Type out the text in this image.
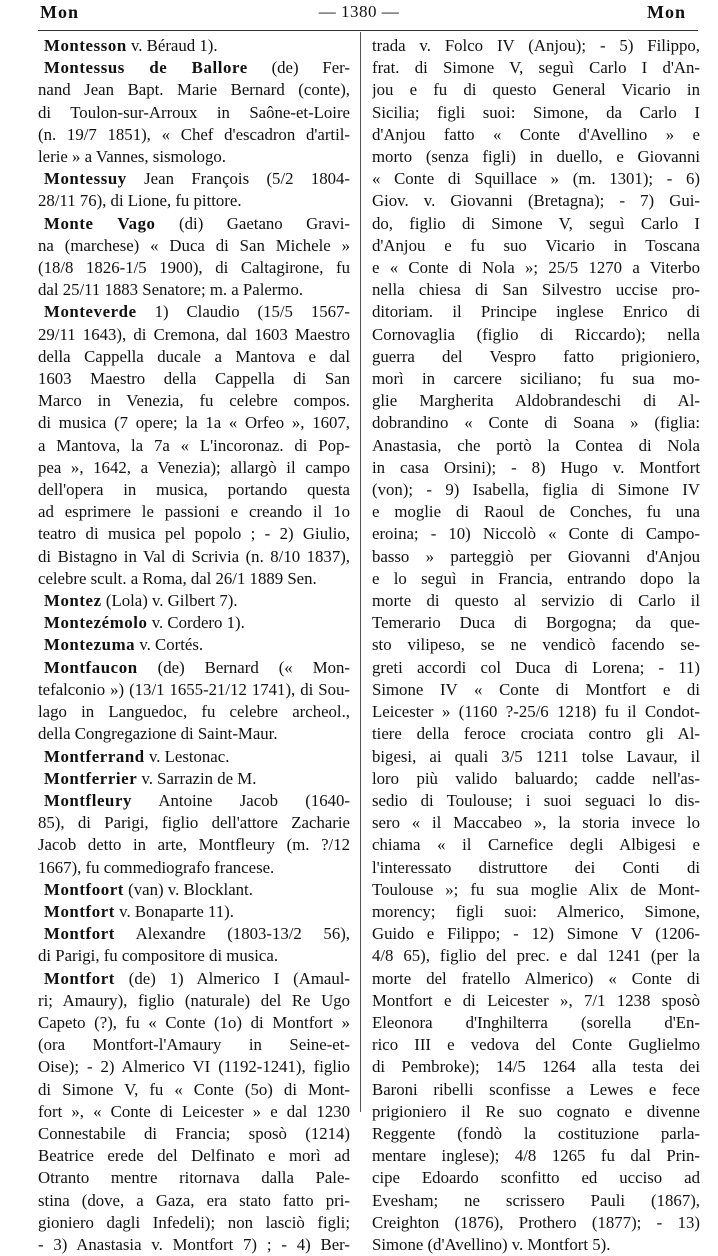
Mon	— 1380 —	Mon
Montesson v. Béraud 1).
Montessus de Ballore (de) Fer-
nand Jean Bapt. Marie Bernard (conte),
di Toulon-sur-Arroux in Saône-et-Loire
(n. 19/7 1851), « Chef d'escadron d'artil-
lerie » a Vannes, sismologo.
Montessuy Jean François (5/2 1804-
28/11 76), di Lione, fu pittore.
Monte Vago (di) Gaetano Gravi-
na (marchese) « Duca di San Michele »
(18/8 1826-1/5 1900), di Caltagirone, fu
dal 25/11 1883 Senatore; m. a Palermo.
Monteverde 1) Claudio (15/5 1567-
29/11 1643), di Cremona, dal 1603 Maestro
della Cappella ducale a Mantova e dal
1603 Maestro della Cappella di San
Marco in Venezia, fu celebre compos.
di musica (7 opere; la 1a « Orfeo », 1607,
a Mantova, la 7a « L'incoronaz. di Pop-
pea », 1642, a Venezia); allargò il campo
dell'opera in musica, portando questa
ad esprimere le passioni e creando il 1o
teatro di musica pel popolo ; - 2) Giulio,
di Bistagno in Val di Scrivia (n. 8/10 1837),
celebre scult. a Roma, dal 26/1 1889 Sen.
Montez (Lola) v. Gilbert 7).
Montezémolo v. Cordero 1).
Montezuma v. Cortés.
Montfaucon (de) Bernard (« Mon-
tefalconio ») (13/1 1655-21/12 1741), di Sou-
lago in Languedoc, fu celebre archeol.,
della Congregazione di Saint-Maur.
Montferrand v. Lestonac.
Montferrier v. Sarrazin de M.
Montfleury Antoine Jacob (1640-
85), di Parigi, figlio dell'attore Zacharie
Jacob detto in arte, Montfleury (m. ?/12
1667), fu commediografo francese.
Montfoort (van) v. Blocklant.
Montfort v. Bonaparte 11).
Montfort Alexandre (1803-13/2 56),
di Parigi, fu compositore di musica.
Montfort (de) 1) Almerico I (Amaul-
ri; Amaury), figlio (naturale) del Re Ugo
Capeto (?), fu « Conte (1o) di Montfort »
(ora Montfort-l'Amaury in Seine-et-
Oise); - 2) Almerico VI (1192-1241), figlio
di Simone V, fu « Conte (5o) di Mont-
fort », « Conte di Leicester » e dal 1230
Connestabile di Francia; sposò (1214)
Beatrice erede del Delfinato e morì ad
Otranto mentre ritornava dalla Pale-
stina (dove, a Gaza, era stato fatto pri-
gioniero dagli Infedeli); non lasciò figli;
- 3) Anastasia v. Montfort 7) ; - 4) Ber-
trada v. Folco IV (Anjou); - 5) Filippo,
frat. di Simone V, seguì Carlo I d'An-
jou e fu di questo General Vicario in
Sicilia; figli suoi: Simone, da Carlo I
d'Anjou fatto « Conte d'Avellino » e
morto (senza figli) in duello, e Giovanni
« Conte di Squillace » (m. 1301); - 6)
Giov. v. Giovanni (Bretagna); - 7) Gui-
do, figlio di Simone V, seguì Carlo I
d'Anjou e fu suo Vicario in Toscana
e « Conte di Nola »; 25/5 1270 a Viterbo
nella chiesa di San Silvestro uccise pro-
ditoriam. il Principe inglese Enrico di
Cornovaglia (figlio di Riccardo); nella
guerra del Vespro fatto prigioniero,
morì in carcere siciliano; fu sua mo-
glie Margherita Aldobrandeschi di Al-
dobrandino « Conte di Soana » (figlia:
Anastasia, che portò la Contea di Nola
in casa Orsini); - 8) Hugo v. Montfort
(von); - 9) Isabella, figlia di Simone IV
e moglie di Raoul de Conches, fu una
eroina; - 10) Niccolò « Conte di Campo-
basso » parteggiò per Giovanni d'Anjou
e lo seguì in Francia, entrando dopo la
morte di questo al servizio di Carlo il
Temerario Duca di Borgogna; da que-
sto vilipeso, se ne vendicò facendo se-
greti accordi col Duca di Lorena; - 11)
Simone IV « Conte di Montfort e di
Leicester » (1160 ?-25/6 1218) fu il Condot-
tiere della feroce crociata contro gli Al-
bigesi, ai quali 3/5 1211 tolse Lavaur, il
loro più valido baluardo; cadde nell'as-
sedio di Toulouse; i suoi seguaci lo dis-
sero « il Maccabeo », la storia invece lo
chiama « il Carnefice degli Albigesi e
l'interessato distruttore dei Conti di
Toulouse »; fu sua moglie Alix de Mont-
morency; figli suoi: Almerico, Simone,
Guido e Filippo; - 12) Simone V (1206-
4/8 65), figlio del prec. e dal 1241 (per la
morte del fratello Almerico) « Conte di
Montfort e di Leicester », 7/1 1238 sposò
Eleonora d'Inghilterra (sorella d'En-
rico III e vedova del Conte Guglielmo
di Pembroke); 14/5 1264 alla testa dei
Baroni ribelli sconfisse a Lewes e fece
prigioniero il Re suo cognato e divenne
Reggente (fondò la costituzione parla-
mentare inglese); 4/8 1265 fu dal Prin-
cipe Edoardo sconfitto ed ucciso ad
Evesham; ne scrissero Pauli (1867),
Creighton (1876), Prothero (1877); - 13)
Simone (d'Avellino) v. Montfort 5).
